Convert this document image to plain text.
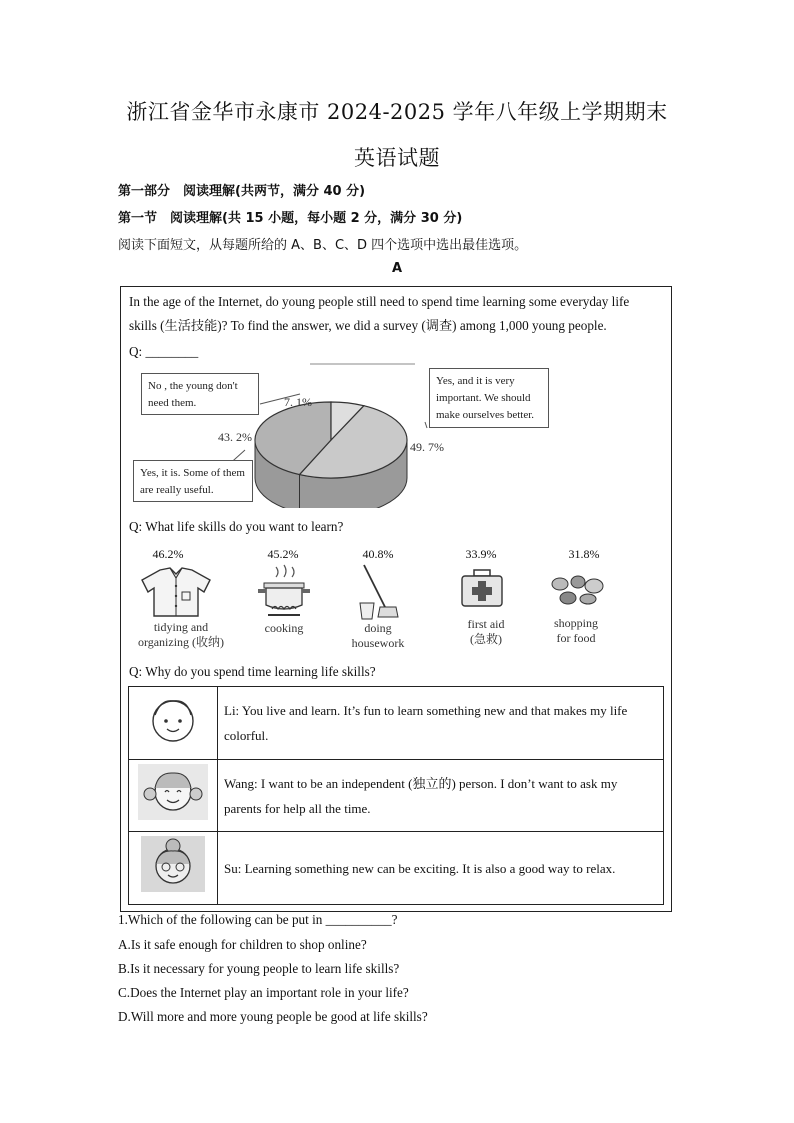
浙江省金华市永康市 2024-2025 学年八年级上学期期末
英语试题
第一部分　阅读理解(共两节，满分 40 分)
第一节　阅读理解(共 15 小题，每小题 2 分，满分 30 分)
阅读下面短文，从每题所给的 A、B、C、D 四个选项中选出最佳选项。
A
In the age of the Internet, do young people still need to spend time learning some everyday life
skills (生活技能)? To find the answer, we did a survey (调查) among 1,000 young people.
Q: ________
No , the young don't need them.
Yes, and it is very important. We should make ourselves better.
Yes, it is. Some of them are really useful.
7. 1%
43. 2%
49. 7%
Q: What life skills do you want to learn?
46.2%	45.2%	40.8%	33.9%	31.8%
tidying and
organizing (收纳)
cooking	doing
housework
first aid
(急救)
shopping
for food
Q: Why do you spend time learning life skills?
	Li: You live and learn. It’s fun to learn something new and that makes my life colorful.
	Wang: I want to be an independent (独立的) person. I don’t want to ask my parents for help all the time.
	Su: Learning something new can be exciting. It is also a good way to relax.
1.Which of the following can be put in __________?
A.Is it safe enough for children to shop online?
B.Is it necessary for young people to learn life skills?
C.Does the Internet play an important role in your life?
D.Will more and more young people be good at life skills?
